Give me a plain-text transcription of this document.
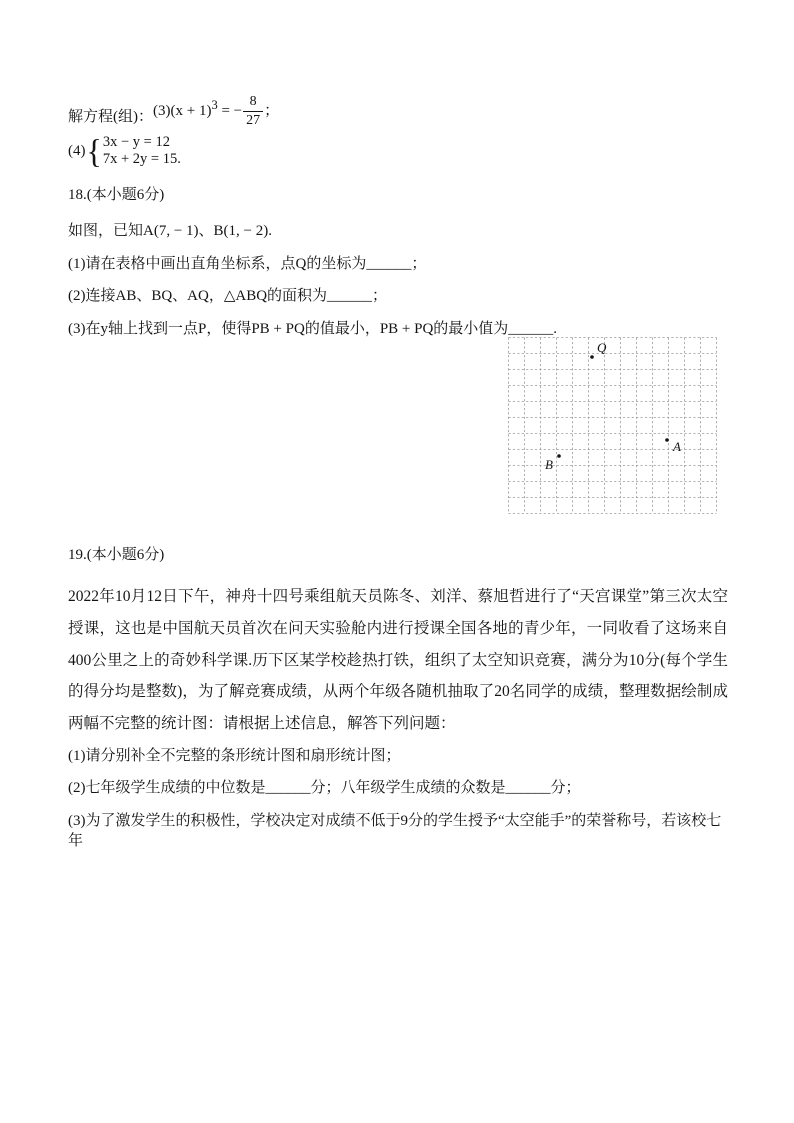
解方程(组)： $(3)(x + 1)^3$ = − $\frac{8}{27}$ ；
(4) { 3x − y = 12
7x + 2y = 15.
18.(本小题6分)
如图，已知A(7, − 1)、B(1, − 2).
(1)请在表格中画出直角坐标系，点Q的坐标为______；
(2)连接AB、BQ、AQ，△ABQ的面积为______；
(3)在y轴上找到一点P，使得PB + PQ的值最小，PB + PQ的最小值为______.
Q
A
B
19.(本小题6分)
2022年10月12日下午，神舟十四号乘组航天员陈冬、刘洋、蔡旭哲进行了“天宫课堂”第三次太空授课，这也是中国航天员首次在问天实验舱内进行授课全国各地的青少年，一同收看了这场来自400公里之上的奇妙科学课.历下区某学校趁热打铁，组织了太空知识竞赛，满分为10分(每个学生的得分均是整数)，为了解竞赛成绩，从两个年级各随机抽取了20名同学的成绩，整理数据绘制成两幅不完整的统计图：请根据上述信息，解答下列问题：
(1)请分别补全不完整的条形统计图和扇形统计图；
(2)七年级学生成绩的中位数是______分；八年级学生成绩的众数是______分；
(3)为了激发学生的积极性，学校决定对成绩不低于9分的学生授予“太空能手”的荣誉称号，若该校七年
